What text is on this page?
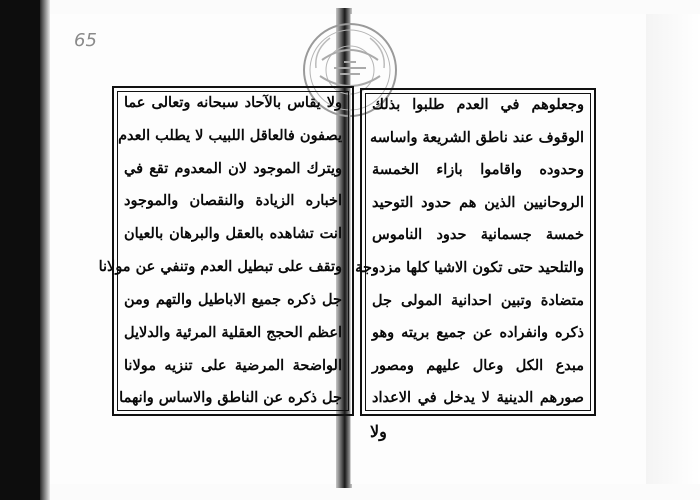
65
ولا يقاس بالآحاد سبحانه وتعالى عما
يصفون فالعاقل اللبيب لا يطلب العدم
ويترك الموجود لان المعدوم تقع في
اخباره الزيادة والنقصان والموجود
انت تشاهده بالعقل والبرهان بالعيان
وتقف على تبطيل العدم وتنفي عن مولانا
جل ذكره جميع الاباطيل والتهم ومن
اعظم الحجج العقلية المرئية والدلايل
الواضحة المرضية على تنزيه مولانا
جل ذكره عن الناطق والاساس وانهما
وجعلوهم في العدم طلبوا بذلك
الوقوف عند ناطق الشريعة واساسه
وحدوده واقاموا بازاء الخمسة
الروحانيين الذين هم حدود التوحيد
خمسة جسمانية حدود الناموس
والتلحيد حتى تكون الاشيا كلها مزدوجة
متضادة وتبين احدانية المولى جل
ذكره وانفراده عن جميع بريته وهو
مبدع الكل وعال عليهم ومصور
صورهم الدينية لا يدخل في الاعداد
ولا
